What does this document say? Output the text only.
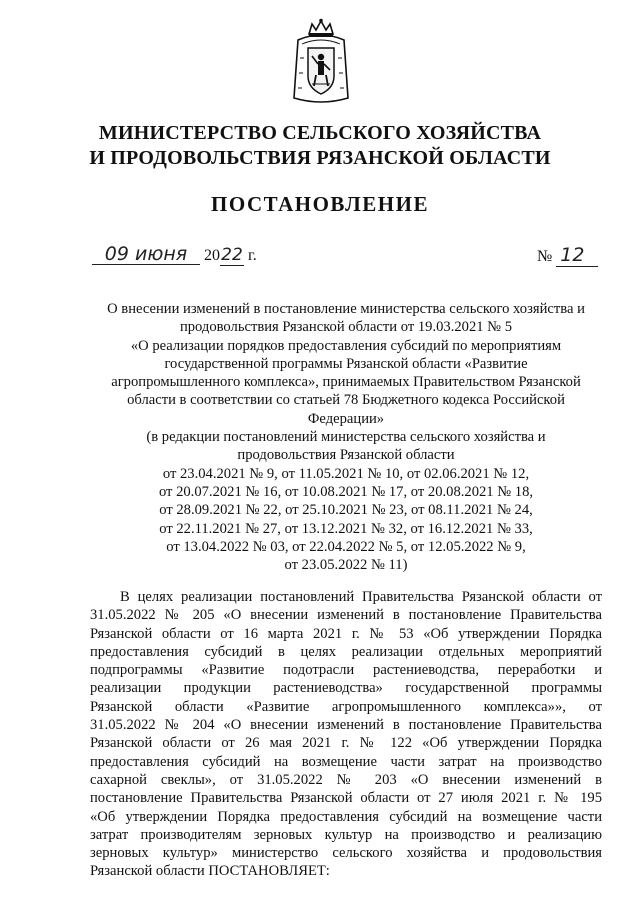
МИНИСТЕРСТВО СЕЛЬСКОГО ХОЗЯЙСТВА
И ПРОДОВОЛЬСТВИЯ РЯЗАНСКОЙ ОБЛАСТИ
ПОСТАНОВЛЕНИЕ
09 июня 2022 г.	№ 12
О внесении изменений в постановление министерства сельского хозяйства и
продовольствия Рязанской области от 19.03.2021 № 5
«О реализации порядков предоставления субсидий по мероприятиям
государственной программы Рязанской области «Развитие
агропромышленного комплекса», принимаемых Правительством Рязанской
области в соответствии со статьей 78 Бюджетного кодекса Российской
Федерации»
(в редакции постановлений министерства сельского хозяйства и
продовольствия Рязанской области
от 23.04.2021 № 9, от 11.05.2021 № 10, от 02.06.2021 № 12,
от 20.07.2021 № 16, от 10.08.2021 № 17, от 20.08.2021 № 18,
от 28.09.2021 № 22, от 25.10.2021 № 23, от 08.11.2021 № 24,
от 22.11.2021 № 27, от 13.12.2021 № 32, от 16.12.2021 № 33,
от 13.04.2022 № 03, от 22.04.2022 № 5, от 12.05.2022 № 9,
от 23.05.2022 № 11)
В целях реализации постановлений Правительства Рязанской области от
31.05.2022 № 205 «О внесении изменений в постановление Правительства
Рязанской области от 16 марта 2021 г. № 53 «Об утверждении Порядка
предоставления субсидий в целях реализации отдельных мероприятий
подпрограммы «Развитие подотрасли растениеводства, переработки и
реализации продукции растениеводства» государственной программы
Рязанской области «Развитие агропромышленного комплекса»», от
31.05.2022 № 204 «О внесении изменений в постановление Правительства
Рязанской области от 26 мая 2021 г. № 122 «Об утверждении Порядка
предоставления субсидий на возмещение части затрат на производство
сахарной свеклы», от 31.05.2022 № 203 «О внесении изменений в
постановление Правительства Рязанской области от 27 июля 2021 г. № 195
«Об утверждении Порядка предоставления субсидий на возмещение части
затрат производителям зерновых культур на производство и реализацию
зерновых культур» министерство сельского хозяйства и продовольствия
Рязанской области ПОСТАНОВЛЯЕТ:
